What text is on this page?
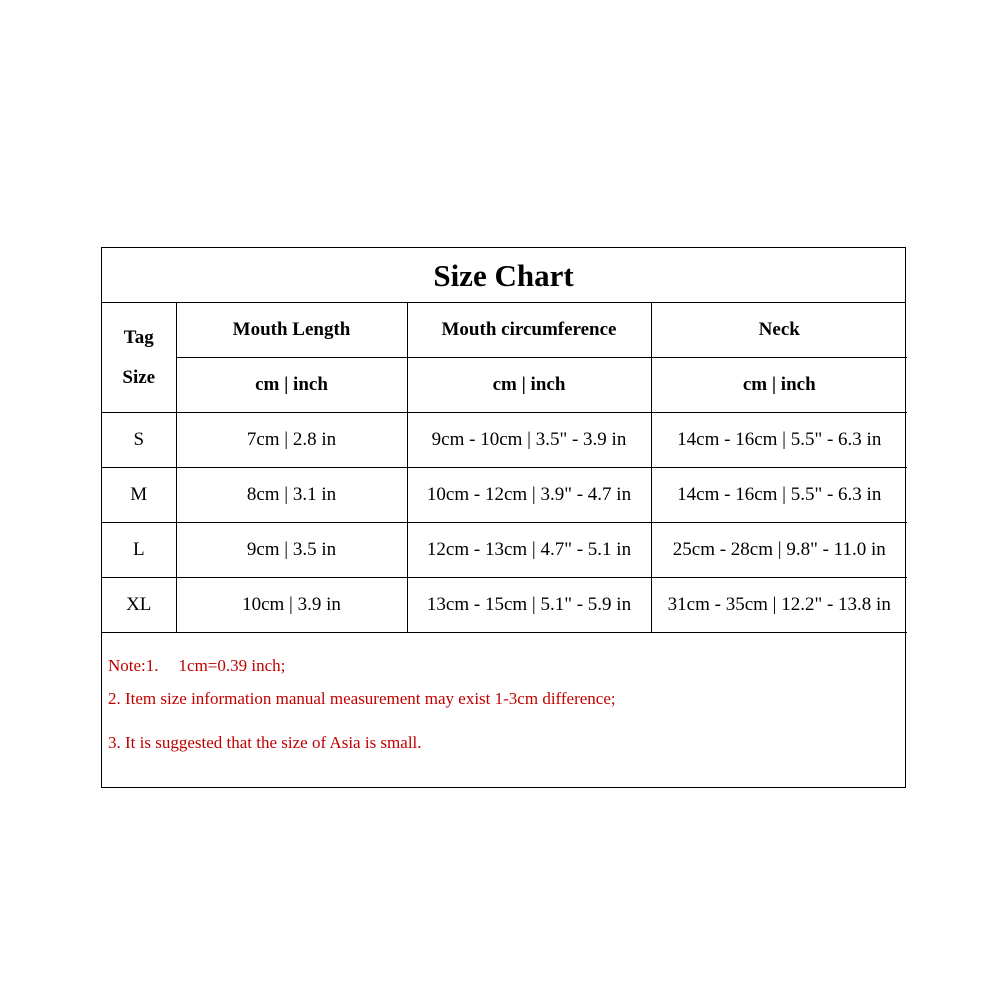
Size Chart
Tag
Size	Mouth Length	Mouth circumference	Neck
	cm | inch	cm | inch	cm | inch
S	7cm | 2.8 in	9cm - 10cm | 3.5" - 3.9 in	14cm - 16cm | 5.5" - 6.3 in
M	8cm | 3.1 in	10cm - 12cm | 3.9" - 4.7 in	14cm - 16cm | 5.5" - 6.3 in
L	9cm | 3.5 in	12cm - 13cm | 4.7" - 5.1 in	25cm - 28cm | 9.8" - 11.0 in
XL	10cm | 3.9 in	13cm - 15cm | 5.1" - 5.9 in	31cm - 35cm | 12.2" - 13.8 in
Note:1. 1cm=0.39 inch;
2. Item size information manual measurement may exist 1-3cm difference;
3. It is suggested that the size of Asia is small.
